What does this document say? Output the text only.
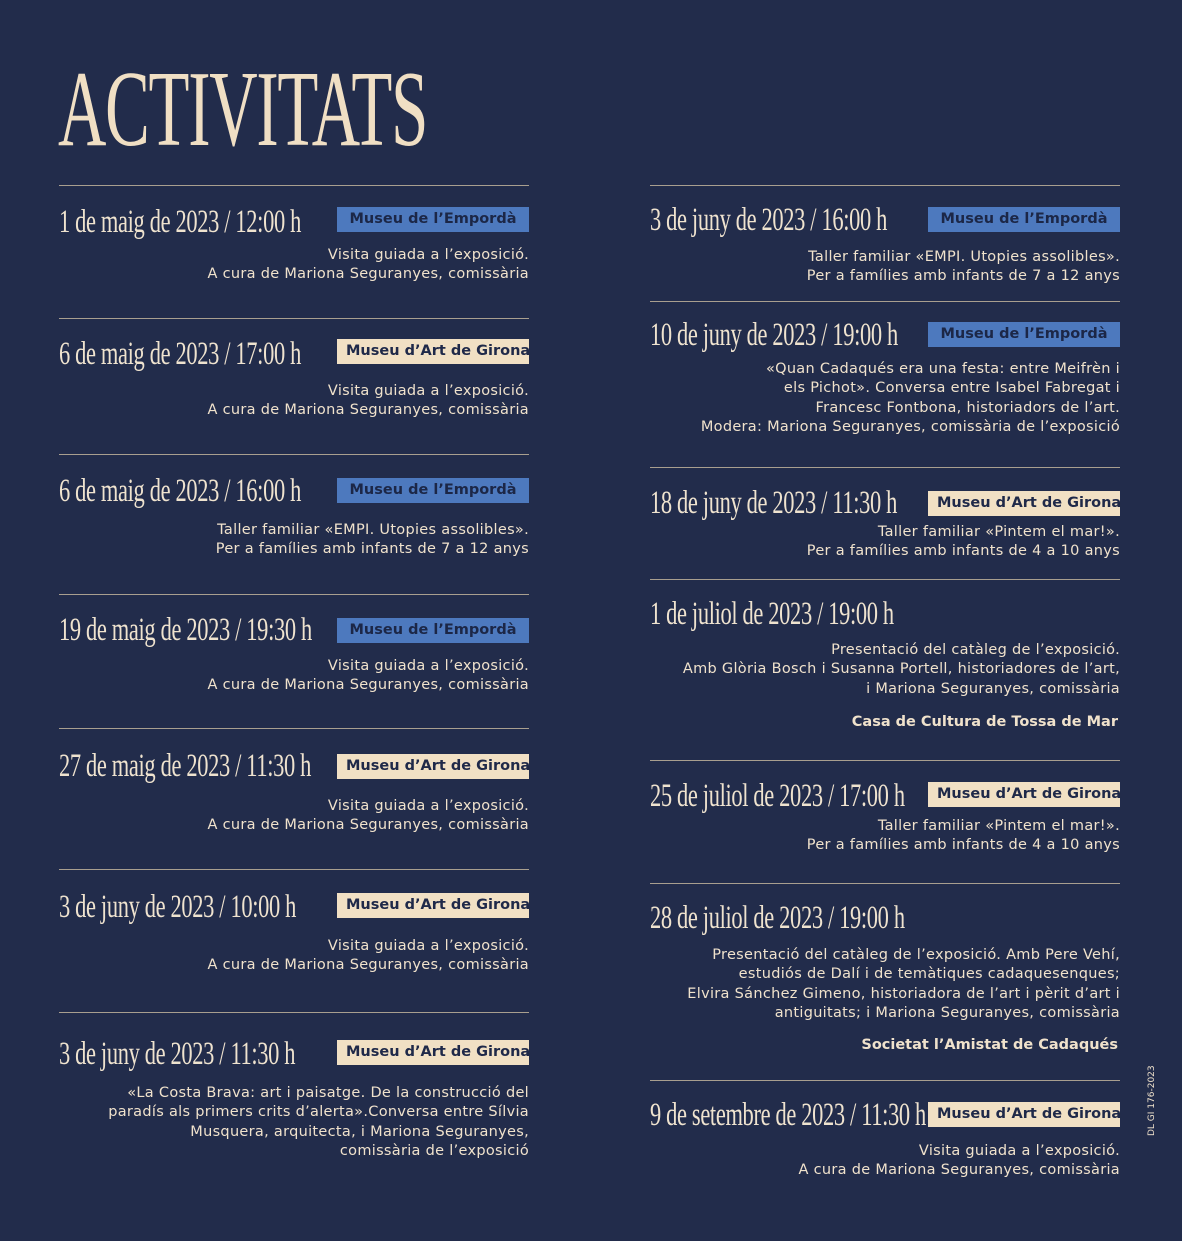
ACTIVITATS
1 de maig de 2023 / 12:00 h	Museu de l’Empordà
Visita guiada a l’exposició.
A cura de Mariona Seguranyes, comissària
6 de maig de 2023 / 17:00 h	Museu d’Art de Girona
Visita guiada a l’exposició.
A cura de Mariona Seguranyes, comissària
6 de maig de 2023 / 16:00 h	Museu de l’Empordà
Taller familiar «EMPI. Utopies assolibles».
Per a famílies amb infants de 7 a 12 anys
19 de maig de 2023 / 19:30 h	Museu de l’Empordà
Visita guiada a l’exposició.
A cura de Mariona Seguranyes, comissària
27 de maig de 2023 / 11:30 h	Museu d’Art de Girona
Visita guiada a l’exposició.
A cura de Mariona Seguranyes, comissària
3 de juny de 2023 / 10:00 h	Museu d’Art de Girona
Visita guiada a l’exposició.
A cura de Mariona Seguranyes, comissària
3 de juny de 2023 / 11:30 h	Museu d’Art de Girona
«La Costa Brava: art i paisatge. De la construcció del
paradís als primers crits d’alerta».Conversa entre Sílvia
Musquera, arquitecta, i Mariona Seguranyes,
comissària de l’exposició
3 de juny de 2023 / 16:00 h	Museu de l’Empordà
Taller familiar «EMPI. Utopies assolibles».
Per a famílies amb infants de 7 a 12 anys
10 de juny de 2023 / 19:00 h	Museu de l’Empordà
«Quan Cadaqués era una festa: entre Meifrèn i
els Pichot». Conversa entre Isabel Fabregat i
Francesc Fontbona, historiadors de l’art.
Modera: Mariona Seguranyes, comissària de l’exposició
18 de juny de 2023 / 11:30 h	Museu d’Art de Girona
Taller familiar «Pintem el mar!».
Per a famílies amb infants de 4 a 10 anys
1 de juliol de 2023 / 19:00 h
Presentació del catàleg de l’exposició.
Amb Glòria Bosch i Susanna Portell, historiadores de l’art,
i Mariona Seguranyes, comissària
Casa de Cultura de Tossa de Mar
25 de juliol de 2023 / 17:00 h	Museu d’Art de Girona
Taller familiar «Pintem el mar!».
Per a famílies amb infants de 4 a 10 anys
28 de juliol de 2023 / 19:00 h
Presentació del catàleg de l’exposició. Amb Pere Vehí,
estudiós de Dalí i de temàtiques cadaquesenques;
Elvira Sánchez Gimeno, historiadora de l’art i pèrit d’art i
antiguitats; i Mariona Seguranyes, comissària
Societat l’Amistat de Cadaqués
9 de setembre de 2023 / 11:30 h Museu d’Art de Girona
Visita guiada a l’exposició.
A cura de Mariona Seguranyes, comissària
DL GI 176-2023
